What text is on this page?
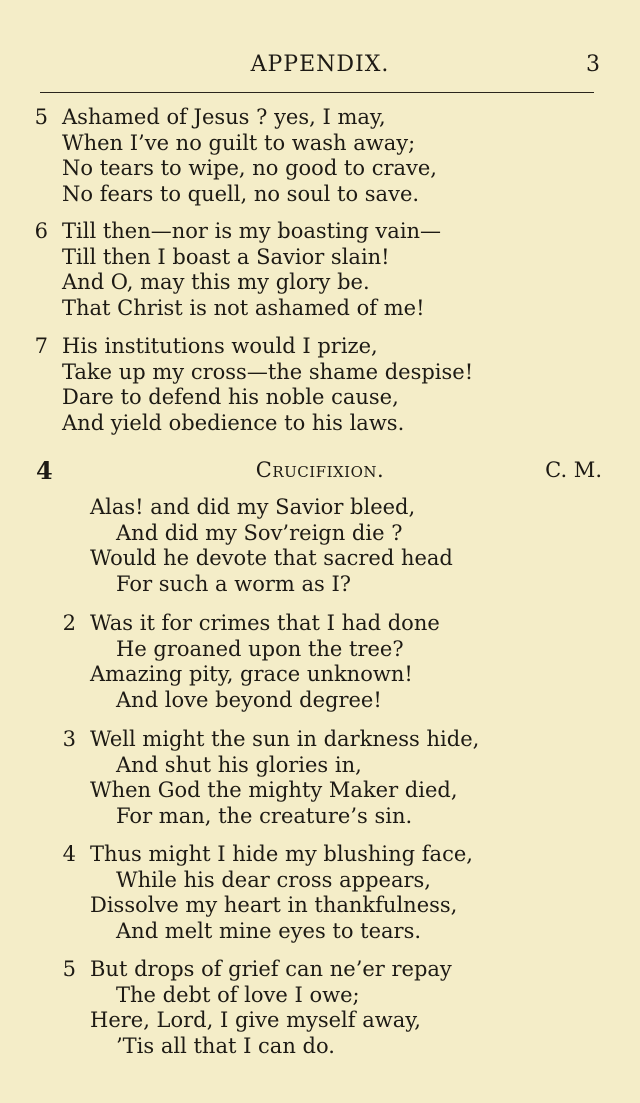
APPENDIX.	3
5 Ashamed of Jesus ? yes, I may,
When I’ve no guilt to wash away;
No tears to wipe, no good to crave,
No fears to quell, no soul to save.
6 Till then—nor is my boasting vain—
Till then I boast a Savior slain!
And O, may this my glory be.
That Christ is not ashamed of me!
7 His institutions would I prize,
Take up my cross—the shame despise!
Dare to defend his noble cause,
And yield obedience to his laws.
4	Crucifixion.	C. M.
Alas! and did my Savior bleed,
And did my Sov’reign die ?
Would he devote that sacred head
For such a worm as I?
2 Was it for crimes that I had done
He groaned upon the tree?
Amazing pity, grace unknown!
And love beyond degree!
3 Well might the sun in darkness hide,
And shut his glories in,
When God the mighty Maker died,
For man, the creature’s sin.
4 Thus might I hide my blushing face,
While his dear cross appears,
Dissolve my heart in thankfulness,
And melt mine eyes to tears.
5 But drops of grief can ne’er repay
The debt of love I owe;
Here, Lord, I give myself away,
’Tis all that I can do.
